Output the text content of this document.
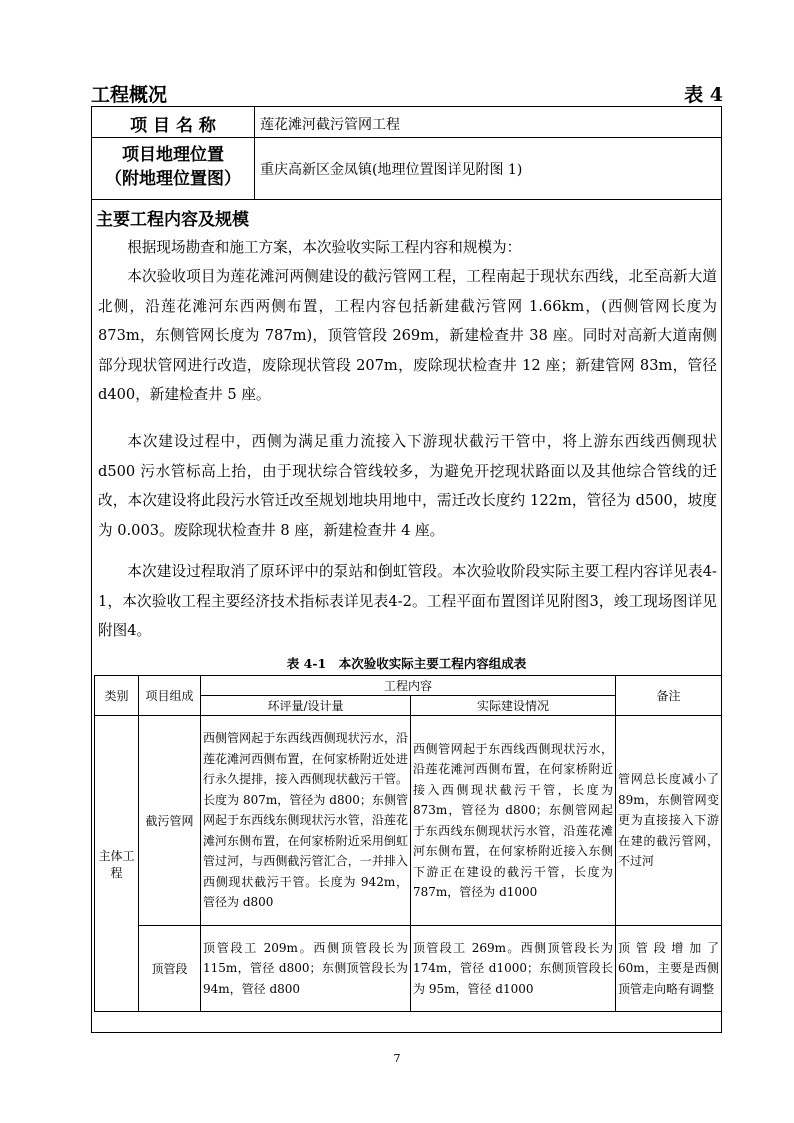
工程概况	表 4
项 目 名 称	莲花滩河截污管网工程
项目地理位置
（附地理位置图）	重庆高新区金凤镇(地理位置图详见附图 1)
主要工程内容及规模
根据现场勘查和施工方案，本次验收实际工程内容和规模为：
本次验收项目为莲花滩河两侧建设的截污管网工程，工程南起于现状东西线，北至高新大道北侧，沿莲花滩河东西两侧布置，工程内容包括新建截污管网 1.66km，(西侧管网长度为 873m，东侧管网长度为 787m)，顶管管段 269m，新建检查井 38 座。同时对高新大道南侧部分现状管网进行改造，废除现状管段 207m，废除现状检查井 12 座；新建管网 83m，管径 d400，新建检查井 5 座。
本次建设过程中，西侧为满足重力流接入下游现状截污干管中，将上游东西线西侧现状 d500 污水管标高上抬，由于现状综合管线较多，为避免开挖现状路面以及其他综合管线的迁改，本次建设将此段污水管迁改至规划地块用地中，需迁改长度约 122m，管径为 d500，坡度为 0.003。废除现状检查井 8 座，新建检查井 4 座。
本次建设过程取消了原环评中的泵站和倒虹管段。本次验收阶段实际主要工程内容详见表4-1，本次验收工程主要经济技术指标表详见表4-2。工程平面布置图详见附图3，竣工现场图详见附图4。
表 4-1　本次验收实际主要工程内容组成表
类别	项目组成	工程内容		备注
		环评量/设计量	实际建设情况	
主体工程	截污管网	西侧管网起于东西线西侧现状污水，沿莲花滩河西侧布置，在何家桥附近处进行永久提排，接入西侧现状截污干管。长度为 807m，管径为 d800；东侧管网起于东西线东侧现状污水管，沿莲花滩河东侧布置，在何家桥附近采用倒虹管过河，与西侧截污管汇合，一并排入西侧现状截污干管。长度为 942m，管径为 d800	西侧管网起于东西线西侧现状污水，沿莲花滩河西侧布置，在何家桥附近接入西侧现状截污干管，长度为 873m，管径为 d800；东侧管网起于东西线东侧现状污水管，沿莲花滩河东侧布置，在何家桥附近接入东侧下游正在建设的截污干管，长度为 787m，管径为 d1000	管网总长度减小了 89m，东侧管网变更为直接接入下游在建的截污管网，不过河
	顶管段	顶管段工 209m。西侧顶管段长为 115m，管径 d800；东侧顶管段长为 94m，管径 d800	顶管段工 269m。西侧顶管段长为 174m，管径 d1000；东侧顶管段长为 95m，管径 d1000	顶管段增加了 60m，主要是西侧顶管走向略有调整
7
